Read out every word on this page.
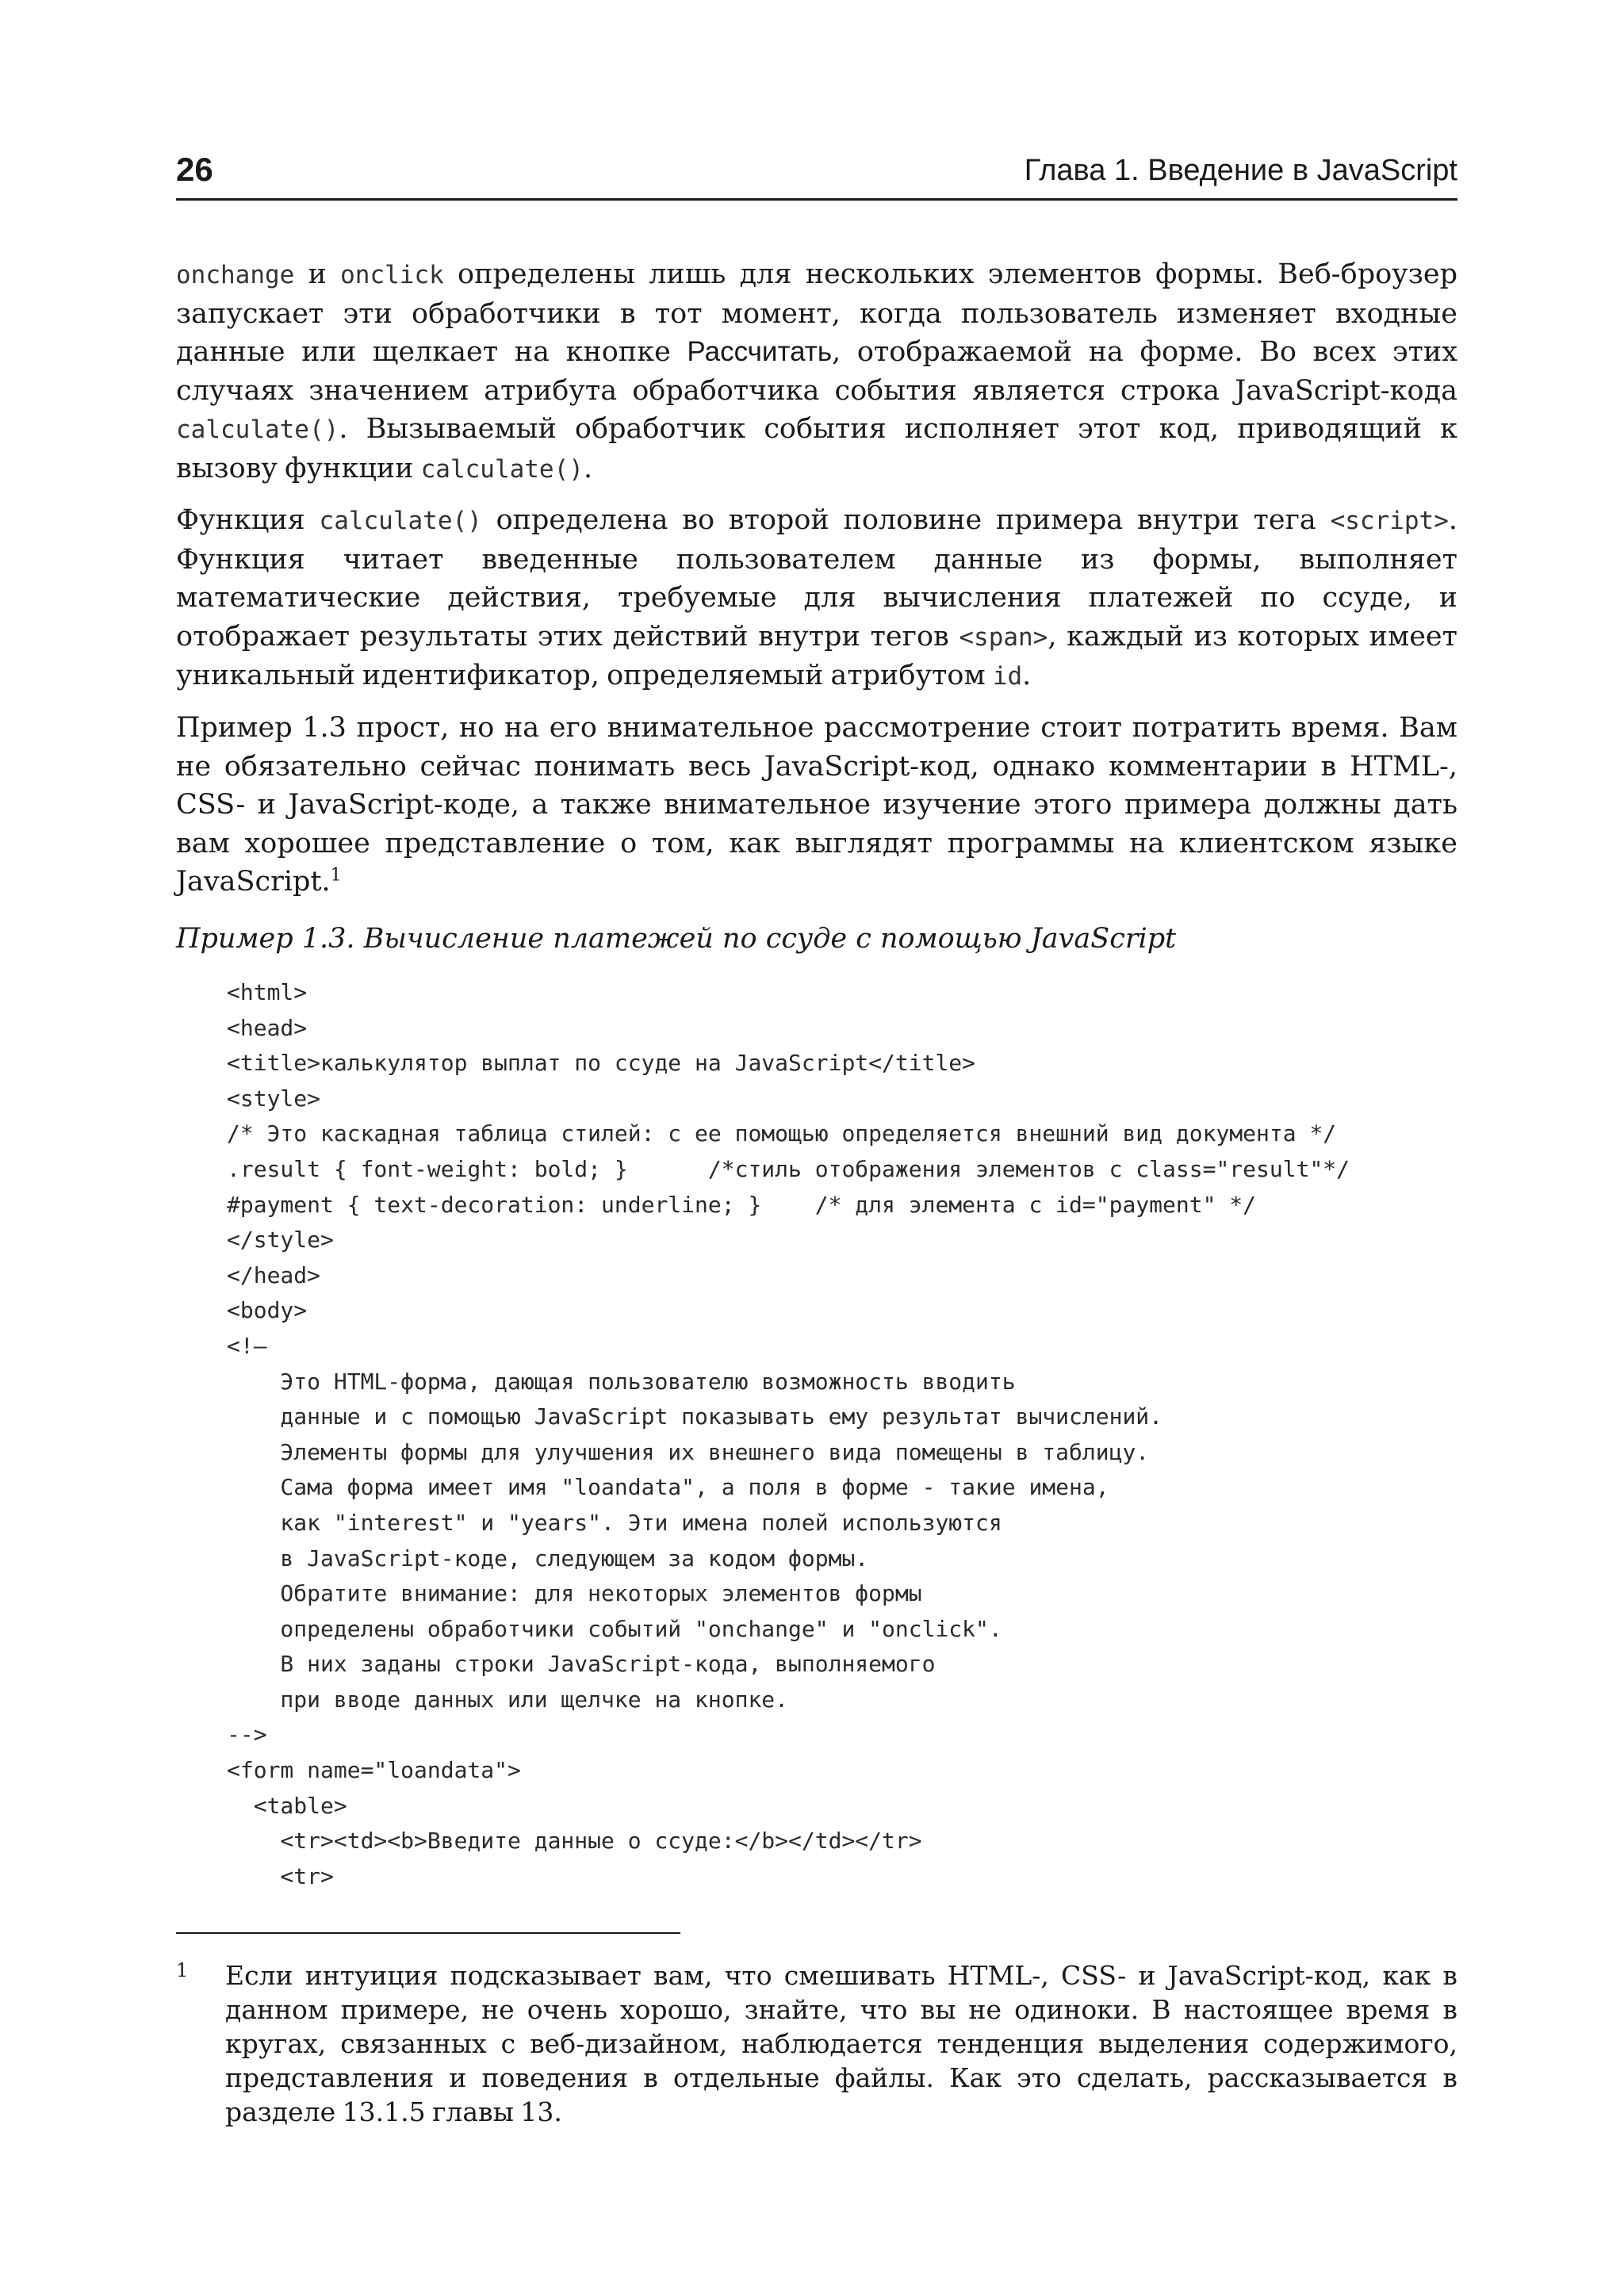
26	Глава 1. Введение в JavaScript

onchange и onclick определены лишь для нескольких элементов формы. Веб-броузер запускает эти обработчики в тот момент, когда пользователь изменяет входные данные или щелкает на кнопке Рассчитать, отображаемой на форме. Во всех этих случаях значением атрибута обработчика события является строка JavaScript-кода calculate(). Вызываемый обработчик события исполняет этот код, приводящий к вызову функции calculate().

Функция calculate() определена во второй половине примера внутри тега <script>. Функция читает введенные пользователем данные из формы, выполняет математические действия, требуемые для вычисления платежей по ссуде, и отображает результаты этих действий внутри тегов <span>, каждый из которых имеет уникальный идентификатор, определяемый атрибутом id.

Пример 1.3 прост, но на его внимательное рассмотрение стоит потратить время. Вам не обязательно сейчас понимать весь JavaScript-код, однако комментарии в HTML-, CSS- и JavaScript-коде, а также внимательное изучение этого примера должны дать вам хорошее представление о том, как выглядят программы на клиентском языке JavaScript.$^1$

Пример 1.3. Вычисление платежей по ссуде с помощью JavaScript

<html>
<head>
<title>калькулятор выплат по ссуде на JavaScript</title>
<style>
/* Это каскадная таблица стилей: с ее помощью определяется внешний вид документа */
.result { font-weight: bold; }      /*стиль отображения элементов с class="result"*/
#payment { text-decoration: underline; }    /* для элемента с id="payment" */
</style>
</head>
<body>
<!–
Это HTML-форма, дающая пользователю возможность вводить
данные и с помощью JavaScript показывать ему результат вычислений.
Элементы формы для улучшения их внешнего вида помещены в таблицу.
Сама форма имеет имя "loandata", а поля в форме - такие имена,
как "interest" и "years". Эти имена полей используются
в JavaScript-коде, следующем за кодом формы.
Обратите внимание: для некоторых элементов формы
определены обработчики событий "onchange" и "onclick".
В них заданы строки JavaScript-кода, выполняемого
при вводе данных или щелчке на кнопке.
-->
<form name="loandata">
<table>
<tr><td><b>Введите данные о ссуде:</b></td></tr>
<tr>
1 Если интуиция подсказывает вам, что смешивать HTML-, CSS- и JavaScript-код, как в данном примере, не очень хорошо, знайте, что вы не одиноки. В настоящее время в кругах, связанных с веб-дизайном, наблюдается тенденция выделения содержимого, представления и поведения в отдельные файлы. Как это сделать, рассказывается в разделе 13.1.5 главы 13.
